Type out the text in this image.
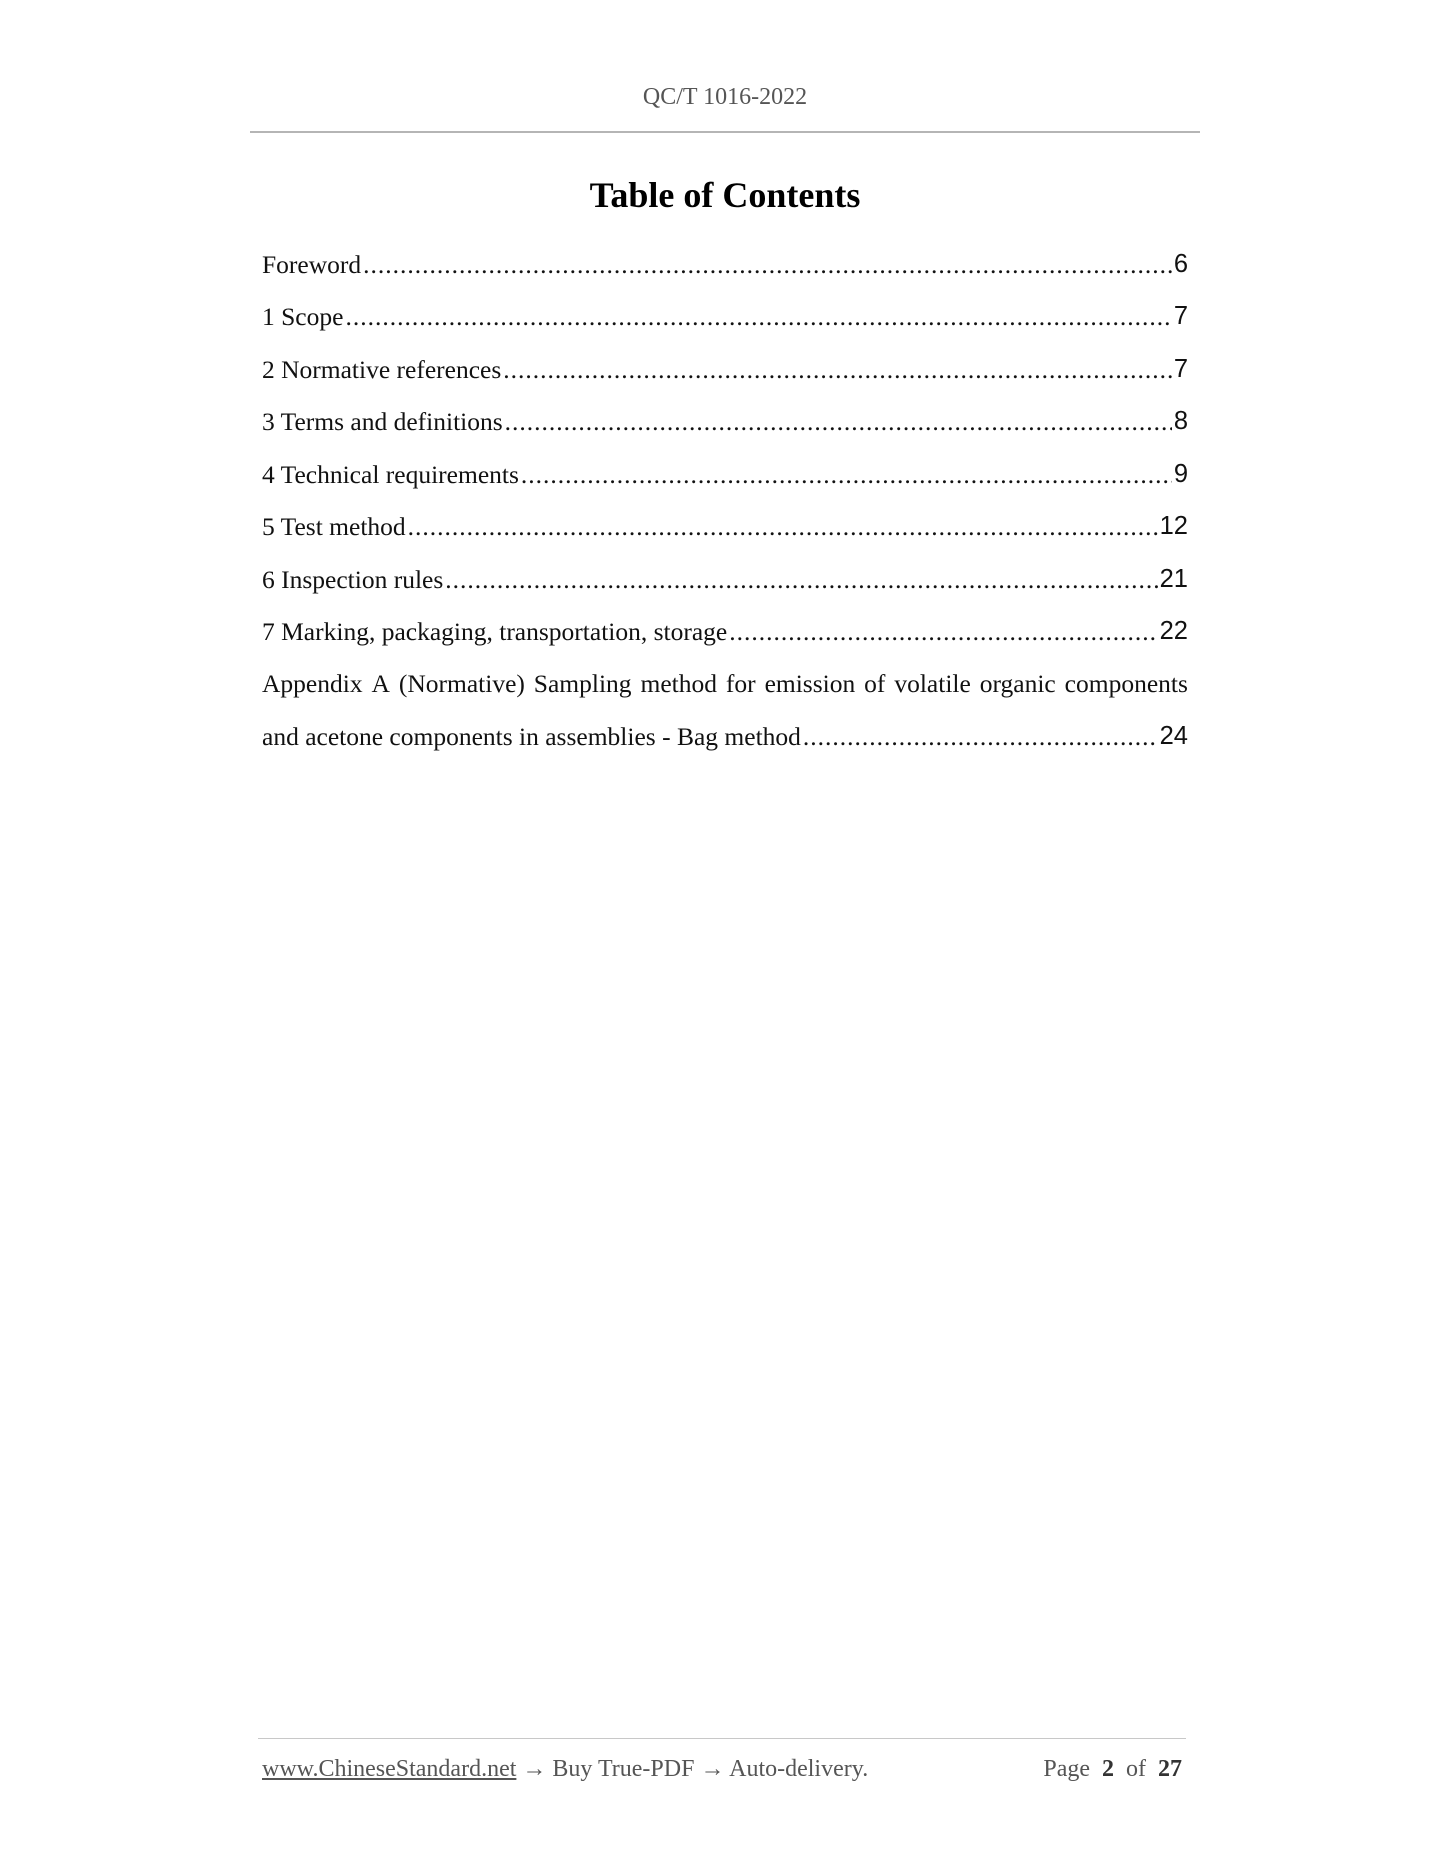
QC/T 1016-2022
Table of Contents
Foreword .....	6
1 Scope .....	7
2 Normative references .....	7
3 Terms and definitions .....	8
4 Technical requirements .....	9
5 Test method .....	12
6 Inspection rules .....	21
7 Marking, packaging, transportation, storage .....	22
Appendix A (Normative) Sampling method for emission of volatile organic components
and acetone components in assemblies - Bag method .....	24
www.ChineseStandard.net → Buy True-PDF → Auto-delivery.	Page 2 of 27
